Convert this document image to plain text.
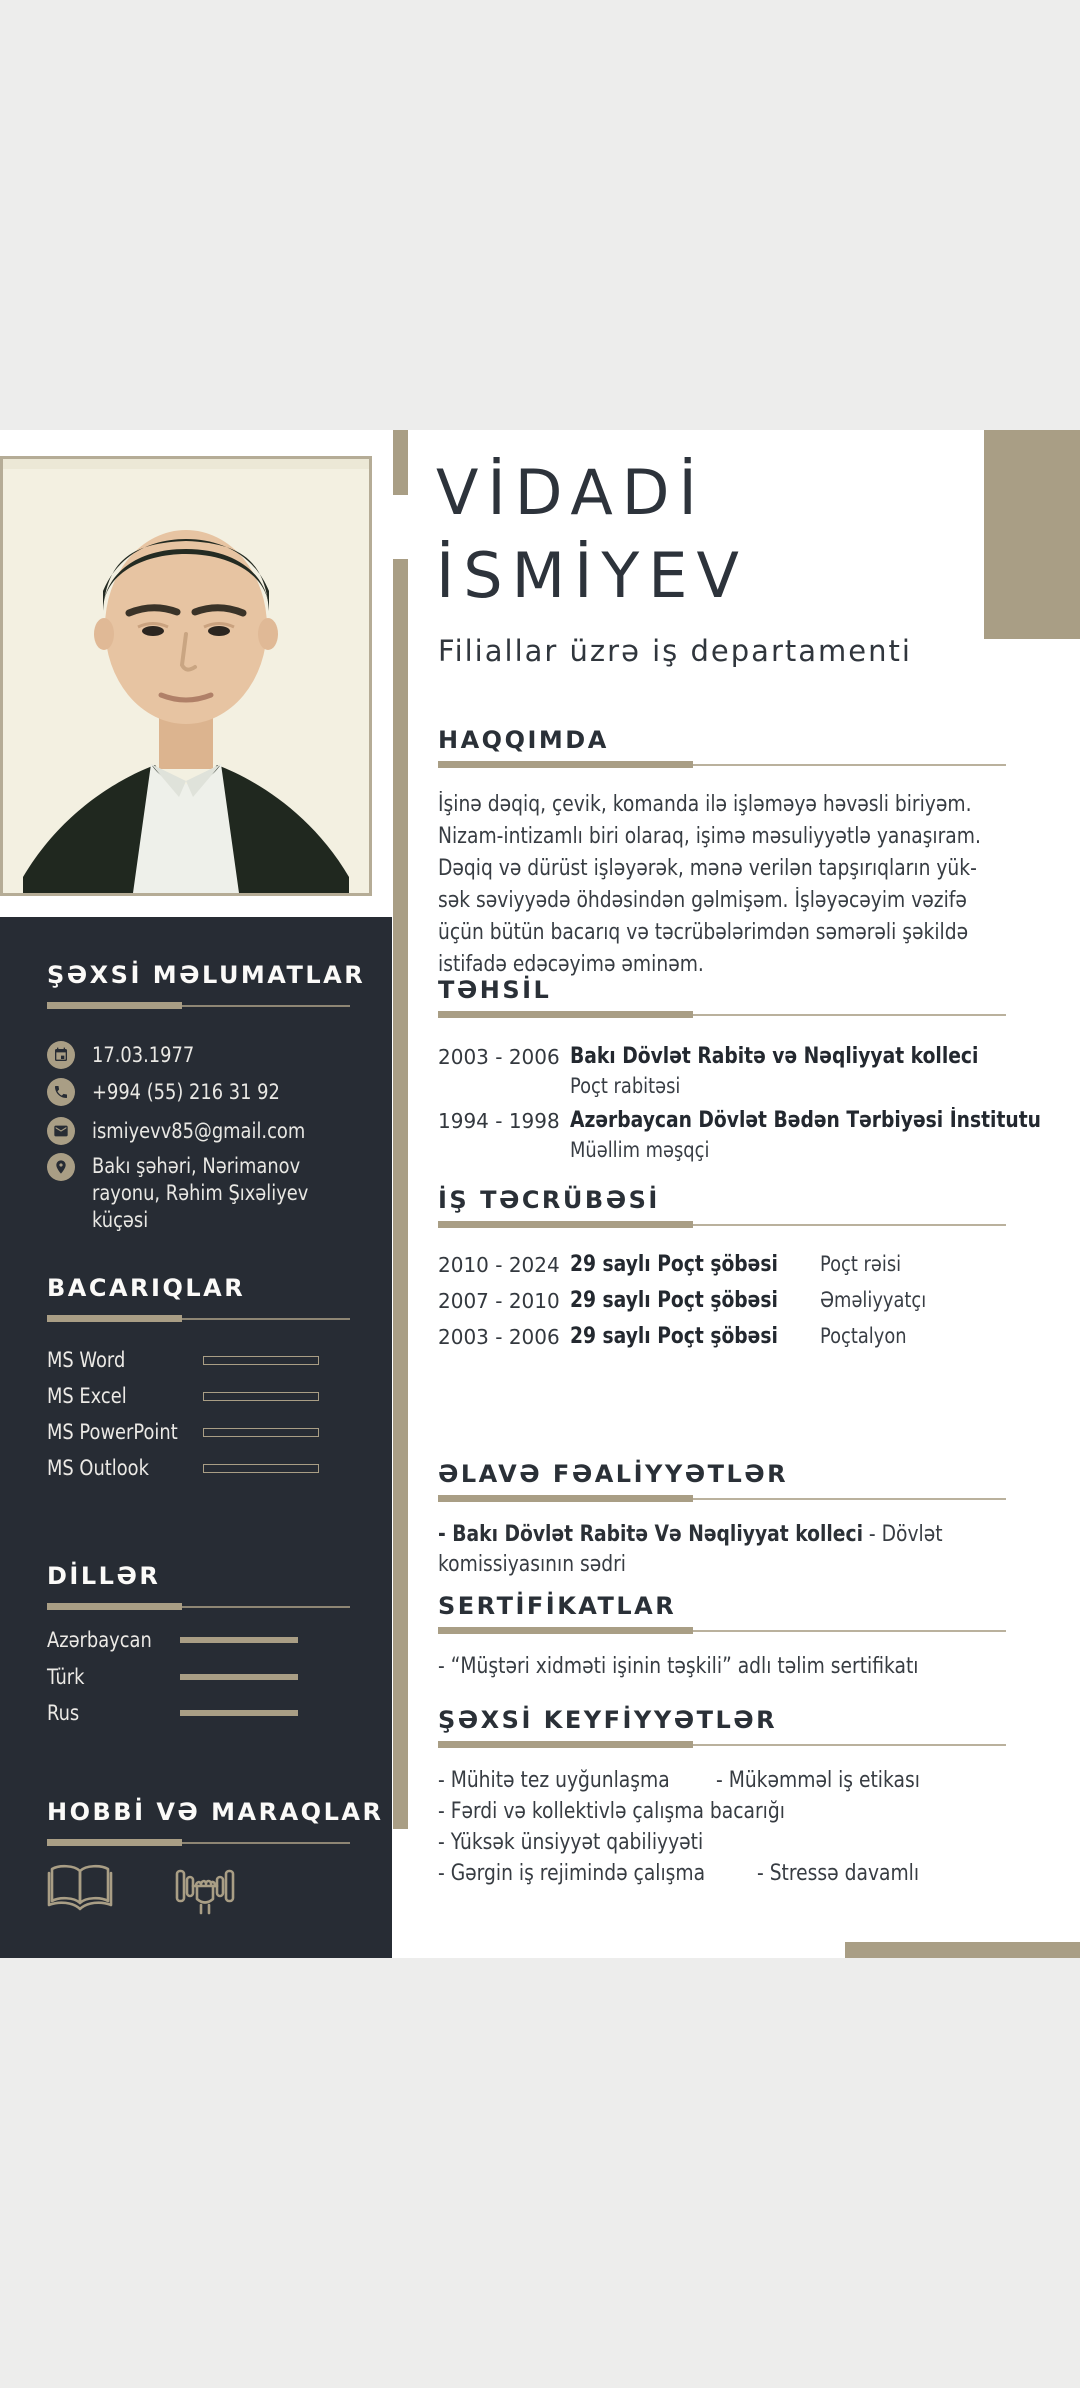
VİDADİ
İSMİYEV
Filiallar üzrə iş departamenti
HAQQIMDA
İşinə dəqiq, çevik, komanda ilə işləməyə həvəsli biriyəm. Nizam-intizamlı biri olaraq, işimə məsuliyyətlə yanaşıram. Dəqiq və dürüst işləyərək, mənə verilən tapşırıqların yük- sək səviyyədə öhdəsindən gəlmişəm. İşləyəcəyim vəzifə üçün bütün bacarıq və təcrübələrimdən səmərəli şəkildə istifadə edəcəyimə əminəm.
TƏHSİL
2003 - 2006 Bakı Dövlət Rabitə və Nəqliyyat kolleci Poçt rabitəsi
1994 - 1998 Azərbaycan Dövlət Bədən Tərbiyəsi İnstitutu Müəllim məşqçi
İŞ TƏCRÜBƏSİ
2010 - 2024 29 saylı Poçt şöbəsi Poçt rəisi
2007 - 2010 29 saylı Poçt şöbəsi Əməliyyatçı
2003 - 2006 29 saylı Poçt şöbəsi Poçtalyon
ƏLAVƏ FƏALİYYƏTLƏR
- Bakı Dövlət Rabitə Və Nəqliyyat kolleci - Dövlət komissiyasının sədri
SERTİFİKATLAR
- “Müştəri xidməti işinin təşkili” adlı təlim sertifikatı
ŞƏXSİ KEYFİYYƏTLƏR
- Mühitə tez uyğunlaşma - Mükəmməl iş etikası - Fərdi və kollektivlə çalışma bacarığı - Yüksək ünsiyyət qabiliyyəti - Gərgin iş rejimində çalışma - Stressə davamlı
ŞƏXSİ MƏLUMATLAR
17.03.1977
+994 (55) 216 31 92
ismiyevv85@gmail.com
Bakı şəhəri, Nərimanov rayonu, Rəhim Şıxəliyev küçəsi
BACARIQLAR
MS Word
MS Excel
MS PowerPoint
MS Outlook
DİLLƏR
Azərbaycan
Türk
Rus
HOBBİ VƏ MARAQLAR
